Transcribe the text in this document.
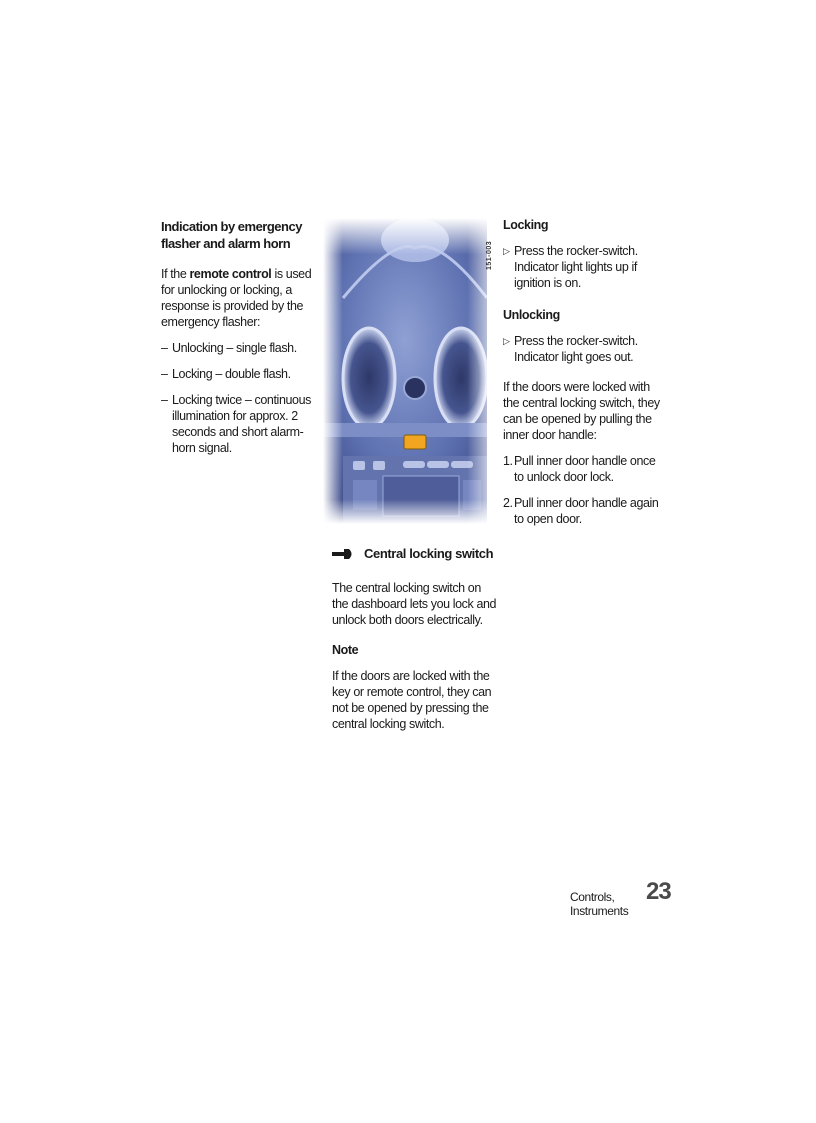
Indication by emergency flasher and alarm horn

If the remote control is used for unlocking or locking, a response is provided by the emergency flasher:

– Unlocking – single flash.
– Locking – double flash.
– Locking twice – continuous illumination for approx. 2 seconds and short alarm-horn signal.
151-003
Central locking switch

The central locking switch on the dashboard lets you lock and unlock both doors electrically.

Note

If the doors are locked with the key or remote control, they can not be opened by pressing the central locking switch.

Locking
▷ Press the rocker-switch.
Indicator light lights up if ignition is on.
Unlocking
▷ Press the rocker-switch.
Indicator light goes out.

If the doors were locked with the central locking switch, they can be opened by pulling the inner door handle:

1. Pull inner door handle once to unlock door lock.
2. Pull inner door handle again to open door.
Controls, Instruments
23
